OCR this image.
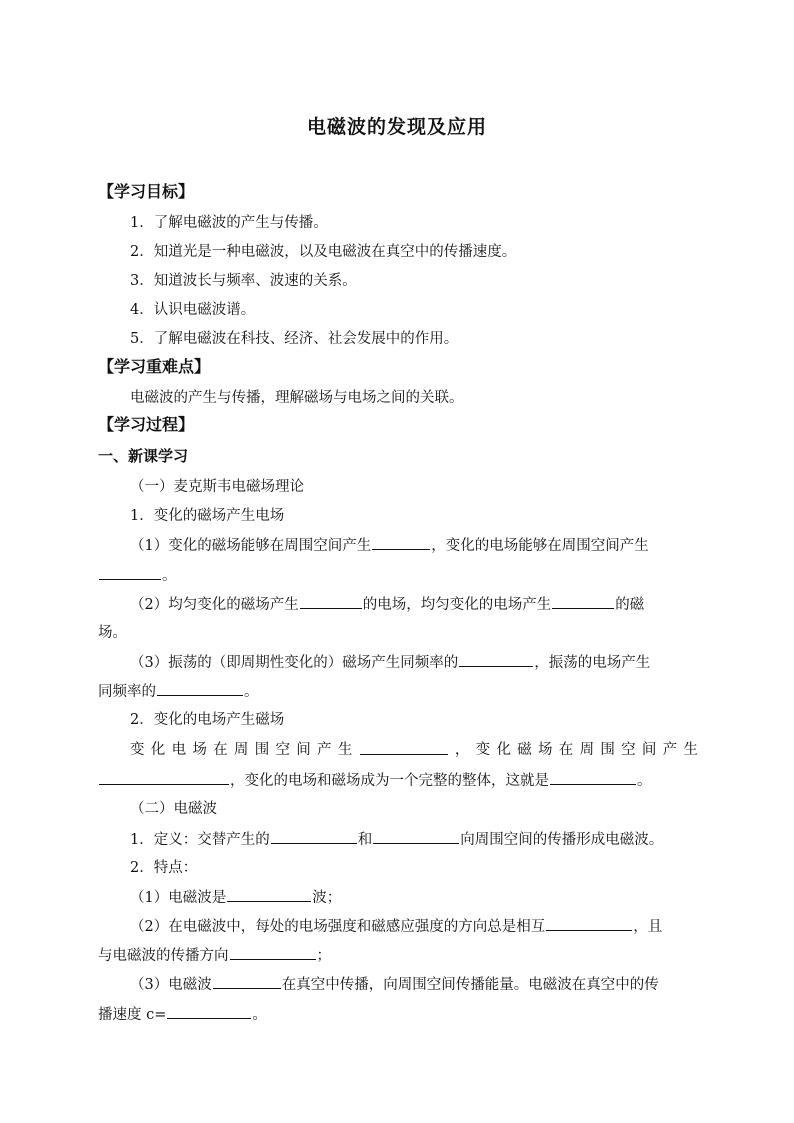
电磁波的发现及应用
【学习目标】
1．了解电磁波的产生与传播。
2．知道光是一种电磁波，以及电磁波在真空中的传播速度。
3．知道波长与频率、波速的关系。
4．认识电磁波谱。
5．了解电磁波在科技、经济、社会发展中的作用。
【学习重难点】
电磁波的产生与传播，理解磁场与电场之间的关联。
【学习过程】
一、新课学习
（一）麦克斯韦电磁场理论
1．变化的磁场产生电场
（1）变化的磁场能够在周围空间产生	，变化的电场能够在周围空间产生
。
（2）均匀变化的磁场产生	的电场，均匀变化的电场产生	的磁
场。
（3）振荡的（即周期性变化的）磁场产生同频率的	，振荡的电场产生
同频率的	。
2．变化的电场产生磁场
变 化 电 场 在 周 围 空 间 产 生	， 变 化 磁 场 在 周 围 空 间 产 生
，变化的电场和磁场成为一个完整的整体，这就是	。
（二）电磁波
1．定义：交替产生的	和	向周围空间的传播形成电磁波。
2．特点：
（1）电磁波是	波；
（2）在电磁波中，每处的电场强度和磁感应强度的方向总是相互	，且
与电磁波的传播方向	；
（3）电磁波	在真空中传播，向周围空间传播能量。电磁波在真空中的传
播速度 c=	。
